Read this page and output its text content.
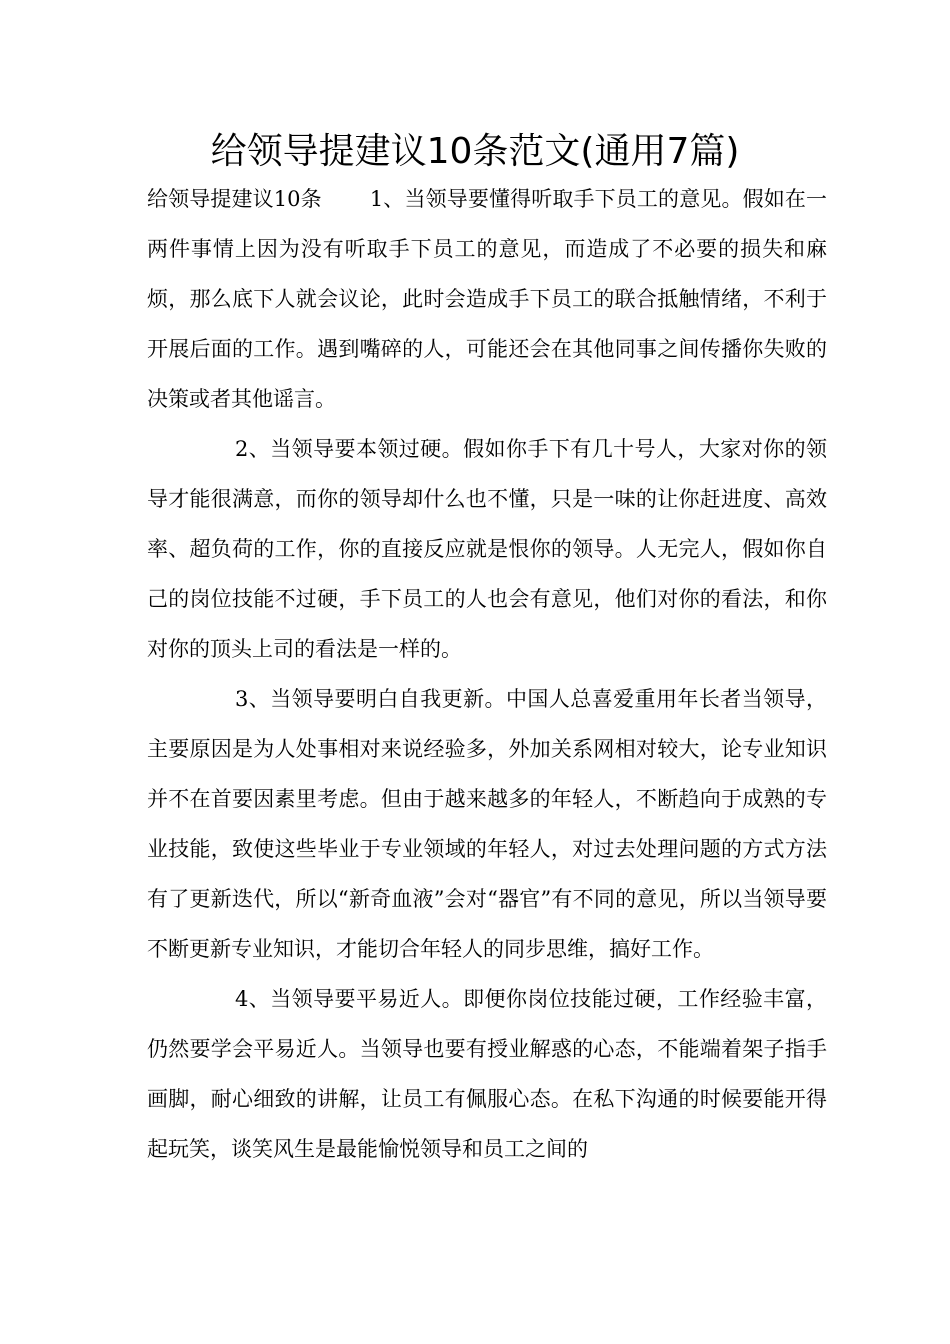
给领导提建议10条范文(通用7篇)

给领导提建议10条 1、当领导要懂得听取手下员工的意见。假如在一两件事情上因为没有听取手下员工的意见，而造成了不必要的损失和麻烦，那么底下人就会议论，此时会造成手下员工的联合抵触情绪，不利于开展后面的工作。遇到嘴碎的人，可能还会在其他同事之间传播你失败的决策或者其他谣言。

2、当领导要本领过硬。假如你手下有几十号人，大家对你的领导才能很满意，而你的领导却什么也不懂，只是一味的让你赶进度、高效率、超负荷的工作，你的直接反应就是恨你的领导。人无完人，假如你自己的岗位技能不过硬，手下员工的人也会有意见，他们对你的看法，和你对你的顶头上司的看法是一样的。

3、当领导要明白自我更新。中国人总喜爱重用年长者当领导，主要原因是为人处事相对来说经验多，外加关系网相对较大，论专业知识并不在首要因素里考虑。但由于越来越多的年轻人，不断趋向于成熟的专业技能，致使这些毕业于专业领域的年轻人，对过去处理问题的方式方法有了更新迭代，所以“新奇血液”会对“器官”有不同的意见，所以当领导要不断更新专业知识，才能切合年轻人的同步思维，搞好工作。

4、当领导要平易近人。即便你岗位技能过硬，工作经验丰富，仍然要学会平易近人。当领导也要有授业解惑的心态，不能端着架子指手画脚，耐心细致的讲解，让员工有佩服心态。在私下沟通的时候要能开得起玩笑，谈笑风生是最能愉悦领导和员工之间的
